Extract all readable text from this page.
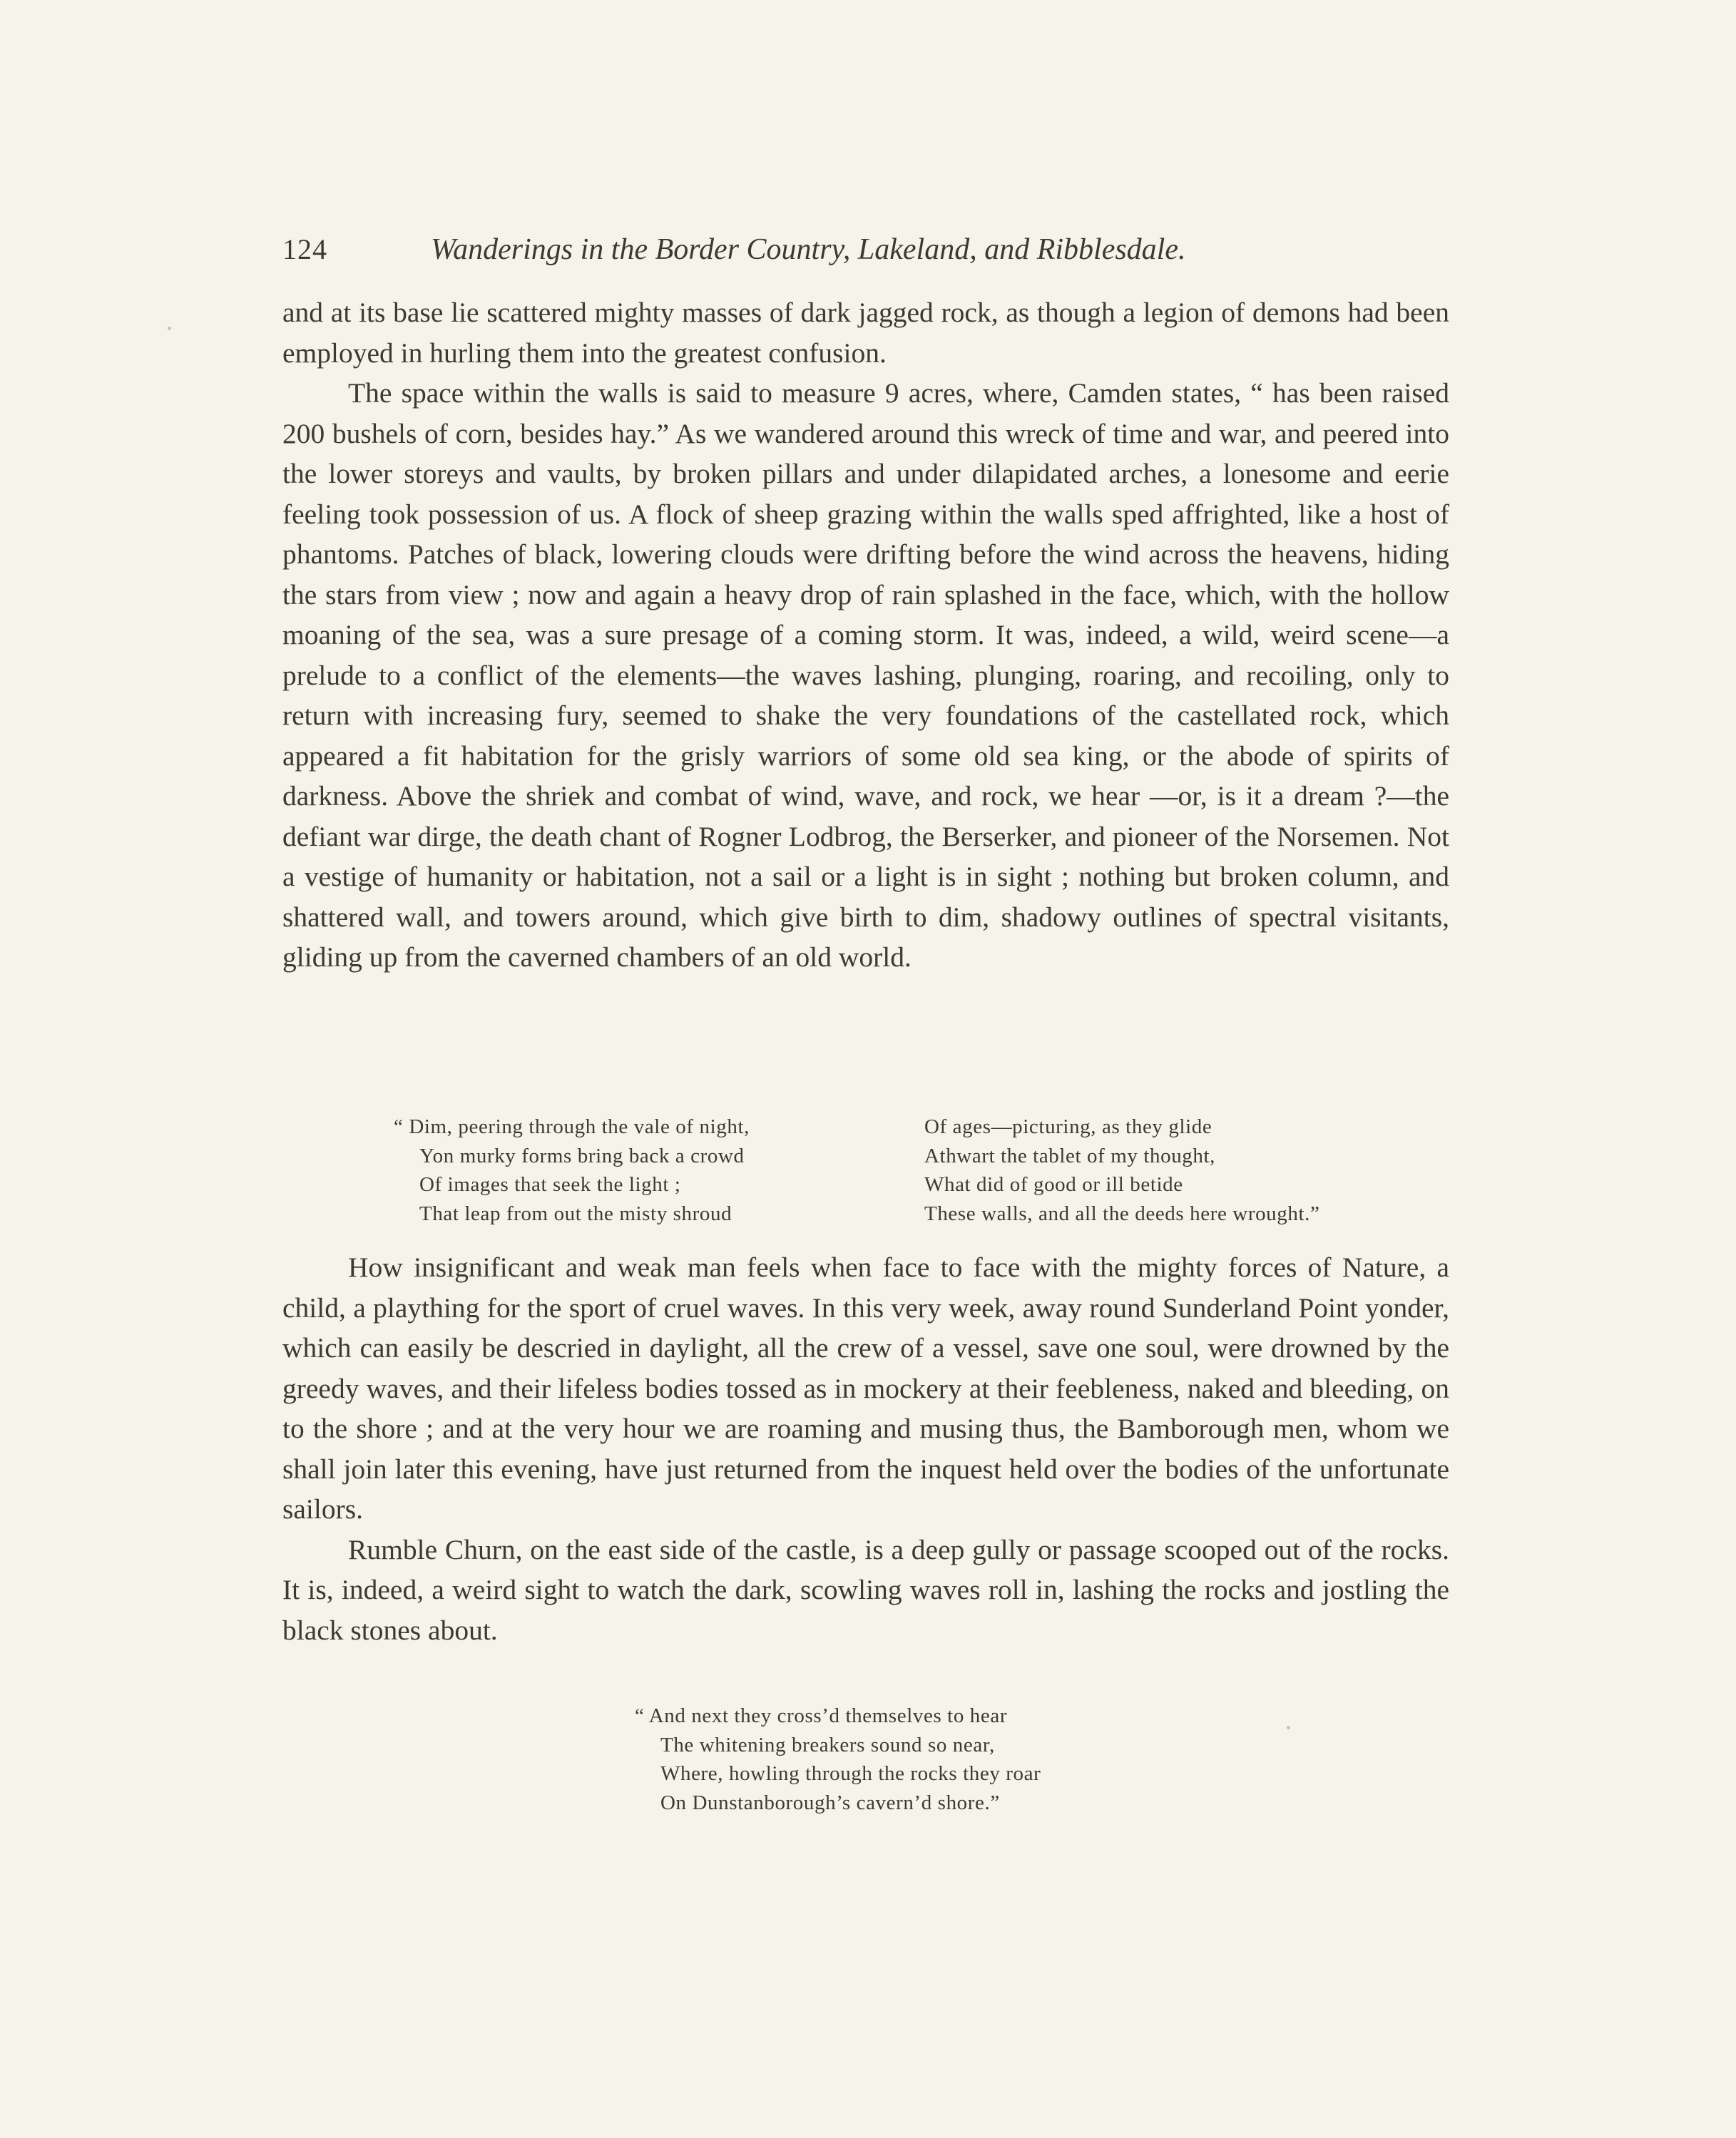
124	Wanderings in the Border Country, Lakeland, and Ribblesdale.

and at its base lie scattered mighty masses of dark jagged rock, as though a legion of demons had been employed in hurling them into the greatest confusion.

The space within the walls is said to measure 9 acres, where, Camden states, “ has been raised 200 bushels of corn, besides hay.” As we wandered around this wreck of time and war, and peered into the lower storeys and vaults, by broken pillars and under dilapidated arches, a lonesome and eerie feeling took possession of us. A flock of sheep grazing within the walls sped affrighted, like a host of phantoms. Patches of black, lowering clouds were drifting before the wind across the heavens, hiding the stars from view ; now and again a heavy drop of rain splashed in the face, which, with the hollow moaning of the sea, was a sure presage of a coming storm. It was, indeed, a wild, weird scene—a prelude to a conflict of the elements—the waves lashing, plunging, roaring, and recoiling, only to return with increasing fury, seemed to shake the very foundations of the castellated rock, which appeared a fit habitation for the grisly warriors of some old sea king, or the abode of spirits of darkness. Above the shriek and combat of wind, wave, and rock, we hear —or, is it a dream ?—the defiant war dirge, the death chant of Rogner Lodbrog, the Berserker, and pioneer of the Norsemen. Not a vestige of humanity or habitation, not a sail or a light is in sight ; nothing but broken column, and shattered wall, and towers around, which give birth to dim, shadowy outlines of spectral visitants, gliding up from the caverned chambers of an old world.

“ Dim, peering through the vale of night,
Yon murky forms bring back a crowd
Of images that seek the light ;
That leap from out the misty shroud
Of ages—picturing, as they glide
Athwart the tablet of my thought,
What did of good or ill betide
These walls, and all the deeds here wrought.”

How insignificant and weak man feels when face to face with the mighty forces of Nature, a child, a plaything for the sport of cruel waves. In this very week, away round Sunderland Point yonder, which can easily be descried in daylight, all the crew of a vessel, save one soul, were drowned by the greedy waves, and their lifeless bodies tossed as in mockery at their feebleness, naked and bleeding, on to the shore ; and at the very hour we are roaming and musing thus, the Bamborough men, whom we shall join later this evening, have just returned from the inquest held over the bodies of the unfortunate sailors.

Rumble Churn, on the east side of the castle, is a deep gully or passage scooped out of the rocks. It is, indeed, a weird sight to watch the dark, scowling waves roll in, lashing the rocks and jostling the black stones about.

“ And next they cross’d themselves to hear
The whitening breakers sound so near,
Where, howling through the rocks they roar
On Dunstanborough’s cavern’d shore.”
